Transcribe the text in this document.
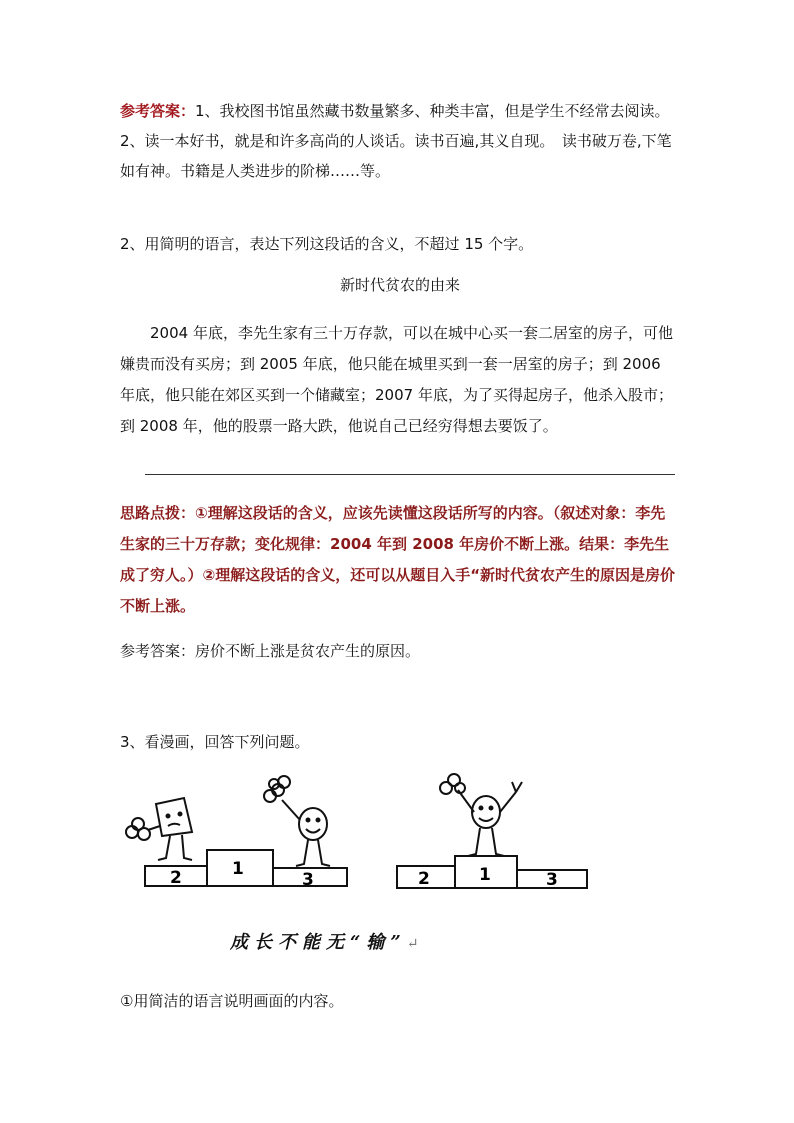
参考答案：1、我校图书馆虽然藏书数量繁多、种类丰富，但是学生不经常去阅读。2、读一本好书，就是和许多高尚的人谈话。读书百遍,其义自现。　读书破万卷,下笔如有神。书籍是人类进步的阶梯……等。

2、用简明的语言，表达下列这段话的含义，不超过 15 个字。

新时代贫农的由来

2004 年底，李先生家有三十万存款，可以在城中心买一套二居室的房子，可他嫌贵而没有买房；到 2005 年底，他只能在城里买到一套一居室的房子；到 2006 年底，他只能在郊区买到一个储藏室；2007 年底，为了买得起房子，他杀入股市；到 2008 年，他的股票一路大跌，他说自己已经穷得想去要饭了。

思路点拨：①理解这段话的含义，应该先读懂这段话所写的内容。（叙述对象：李先生家的三十万存款；变化规律：2004 年到 2008 年房价不断上涨。结果：李先生成了穷人。）②理解这段话的含义，还可以从题目入手“新时代贫农产生的原因是房价不断上涨。

参考答案：房价不断上涨是贫农产生的原因。

3、看漫画，回答下列问题。

2	1
3	2	1	3
成长不能无“输”↵

①用简洁的语言说明画面的内容。
